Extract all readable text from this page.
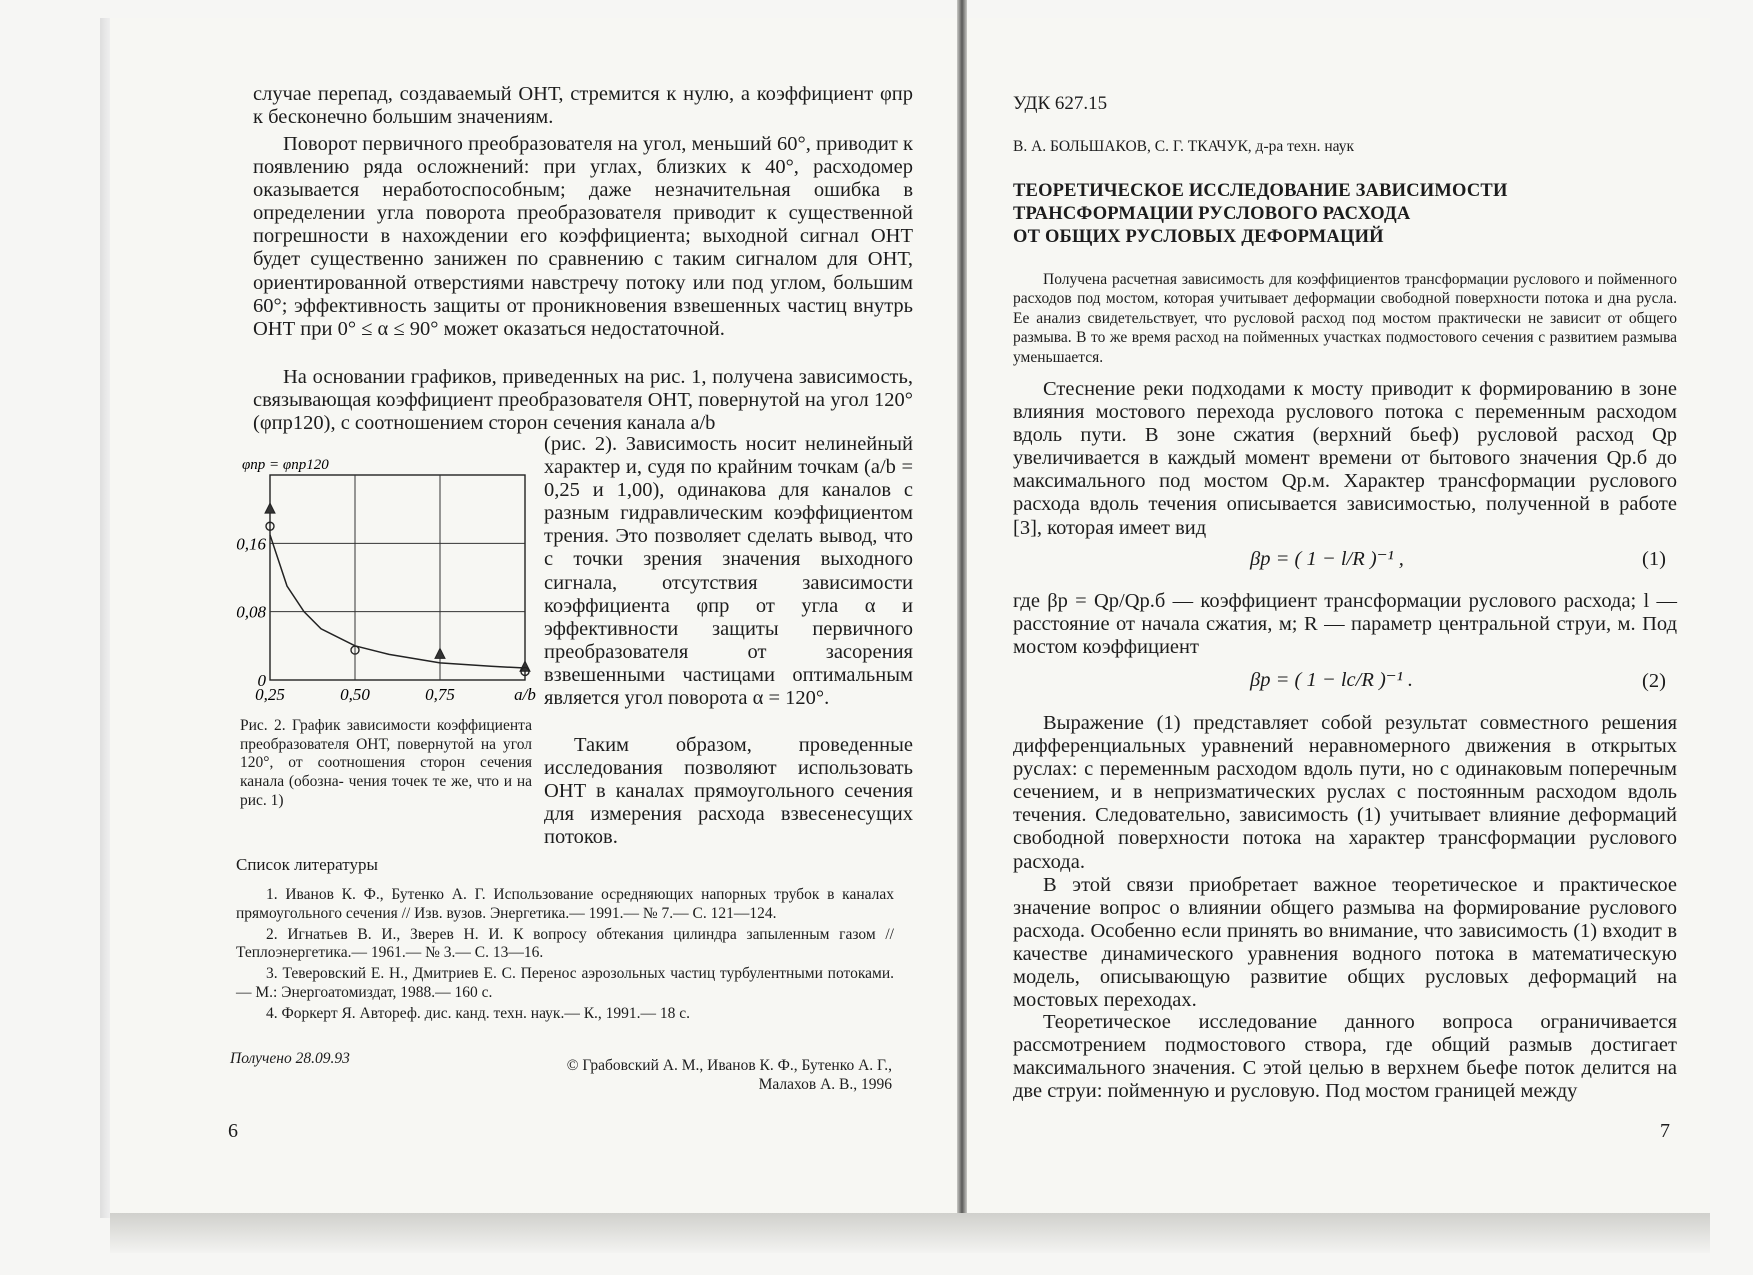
случае перепад, создаваемый ОНТ, стремится к нулю, а коэффициент φпр к бесконечно большим значениям.

Поворот первичного преобразователя на угол, меньший 60°, приводит к появлению ряда осложнений: при углах, близких к 40°, расходомер оказывается неработоспособным; даже незначительная ошибка в определении угла поворота преобразователя приводит к существенной погрешности в нахождении его коэффициента; выходной сигнал ОНТ будет существенно занижен по сравнению с таким сигналом для ОНТ, ориентированной отверстиями навстречу потоку или под углом, большим 60°; эффективность защиты от проникновения взвешенных частиц внутрь ОНТ при 0° ≤ α ≤ 90° может оказаться недостаточной.

На основании графиков, приведенных на рис. 1, получена зависимость, связывающая коэффициент преобразователя ОНТ, повернутой на угол 120° (φпр120), с соотношением сторон сечения канала a/b

0,16
0,08
0
0,25	0,50	0,75	a/b
φпр = φпр120

(рис. 2). Зависимость носит нелинейный характер и, судя по крайним точкам (a/b = 0,25 и 1,00), одинакова для каналов с разным гидравлическим коэффициентом трения. Это позволяет сделать вывод, что с точки зрения значения выходного сигнала, отсутствия зависимости коэффициента φпр от угла α и эффективности защиты первичного преобразователя от засорения взвешенными частицами оптимальным является угол поворота α = 120°.

Рис. 2. График зависимости коэффициента преобразователя ОНТ, повернутой на угол 120°, от соотношения сторон сечения канала (обозна- чения точек те же, что и на рис. 1)

Таким образом, проведенные исследования позволяют использовать ОНТ в каналах прямоугольного сечения для измерения расхода взвесенесущих потоков.

Список литературы

1. Иванов К. Ф., Бутенко А. Г. Использование осредняющих напорных трубок в каналах прямоугольного сечения // Изв. вузов. Энергетика.— 1991.— № 7.— С. 121—124.

2. Игнатьев В. И., Зверев Н. И. К вопросу обтекания цилиндра запыленным газом // Теплоэнергетика.— 1961.— № 3.— С. 13—16.

3. Теверовский Е. Н., Дмитриев Е. С. Перенос аэрозольных частиц турбулентными потоками.— М.: Энергоатомиздат, 1988.— 160 с.

4. Форкерт Я. Автореф. дис. канд. техн. наук.— К., 1991.— 18 с.

Получено 28.09.93	© Грабовский А. М., Иванов К. Ф., Бутенко А. Г.,
Малахов А. В., 1996
6
УДК 627.15
В. А. БОЛЬШАКОВ, С. Г. ТКАЧУК, д-ра техн. наук
ТЕОРЕТИЧЕСКОЕ ИССЛЕДОВАНИЕ ЗАВИСИМОСТИ
ТРАНСФОРМАЦИИ РУСЛОВОГО РАСХОДА
ОТ ОБЩИХ РУСЛОВЫХ ДЕФОРМАЦИЙ

Получена расчетная зависимость для коэффициентов трансформации руслового и пойменного расходов под мостом, которая учитывает деформации свободной поверхности потока и дна русла. Ее анализ свидетельствует, что русловой расход под мостом практически не зависит от общего размыва. В то же время расход на пойменных участках подмостового сечения с развитием размыва уменьшается.

Стеснение реки подходами к мосту приводит к формированию в зоне влияния мостового перехода руслового потока с переменным расходом вдоль пути. В зоне сжатия (верхний бьеф) русловой расход Qр увеличивается в каждый момент времени от бытового значения Qр.б до максимального под мостом Qр.м. Характер трансформации руслового расхода вдоль течения описывается зависимостью, полученной в работе [3], которая имеет вид

βр = ( 1 − l/R )⁻¹ ,	(1)

где βр = Qр/Qр.б — коэффициент трансформации руслового расхода; l — расстояние от начала сжатия, м; R — параметр центральной струи, м. Под мостом коэффициент

βр = ( 1 − lс/R )⁻¹ .	(2)

Выражение (1) представляет собой результат совместного решения дифференциальных уравнений неравномерного движения в открытых руслах: с переменным расходом вдоль пути, но с одинаковым поперечным сечением, и в непризматических руслах с постоянным расходом вдоль течения. Следовательно, зависимость (1) учитывает влияние деформаций свободной поверхности потока на характер трансформации руслового расхода.

В этой связи приобретает важное теоретическое и практическое значение вопрос о влиянии общего размыва на формирование руслового расхода. Особенно если принять во внимание, что зависимость (1) входит в качестве динамического уравнения водного потока в математическую модель, описывающую развитие общих русловых деформаций на мостовых переходах.

Теоретическое исследование данного вопроса ограничивается рассмотрением подмостового створа, где общий размыв достигает максимального значения. С этой целью в верхнем бьефе поток делится на две струи: пойменную и русловую. Под мостом границей между

7
